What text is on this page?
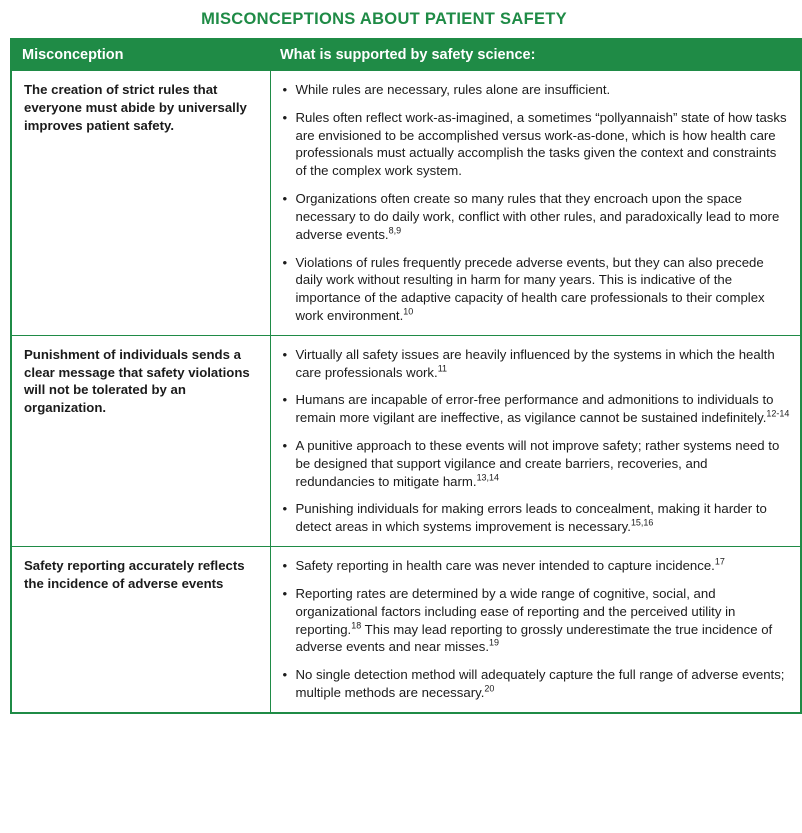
MISCONCEPTIONS ABOUT PATIENT SAFETY
Misconception	What is supported by safety science:
The creation of strict rules that everyone must abide by universally improves patient safety.	
• While rules are necessary, rules alone are insufficient.
• Rules often reflect work-as-imagined, a sometimes “pollyannaish” state of how tasks are envisioned to be accomplished versus work-as-done, which is how health care professionals must actually accomplish the tasks given the context and constraints of the complex work system.
• Organizations often create so many rules that they encroach upon the space necessary to do daily work, conflict with other rules, and paradoxically lead to more adverse events.$^{8,9}$
• Violations of rules frequently precede adverse events, but they can also precede daily work without resulting in harm for many years. This is indicative of the importance of the adaptive capacity of health care professionals to their complex work environment.$^{10}$

Punishment of individuals sends a clear message that safety violations will not be tolerated by an organization.	
• Virtually all safety issues are heavily influenced by the systems in which the health care professionals work.$^{11}$
• Humans are incapable of error-free performance and admonitions to individuals to remain more vigilant are ineffective, as vigilance cannot be sustained indefinitely.$^{12-14}$
• A punitive approach to these events will not improve safety; rather systems need to be designed that support vigilance and create barriers, recoveries, and redundancies to mitigate harm.$^{13,14}$
• Punishing individuals for making errors leads to concealment, making it harder to detect areas in which systems improvement is necessary.$^{15,16}$

Safety reporting accurately reflects the incidence of adverse events	
• Safety reporting in health care was never intended to capture incidence.$^{17}$
• Reporting rates are determined by a wide range of cognitive, social, and organizational factors including ease of reporting and the perceived utility in reporting.$^{18}$ This may lead reporting to grossly underestimate the true incidence of adverse events and near misses.$^{19}$
• No single detection method will adequately capture the full range of adverse events; multiple methods are necessary.$^{20}$
